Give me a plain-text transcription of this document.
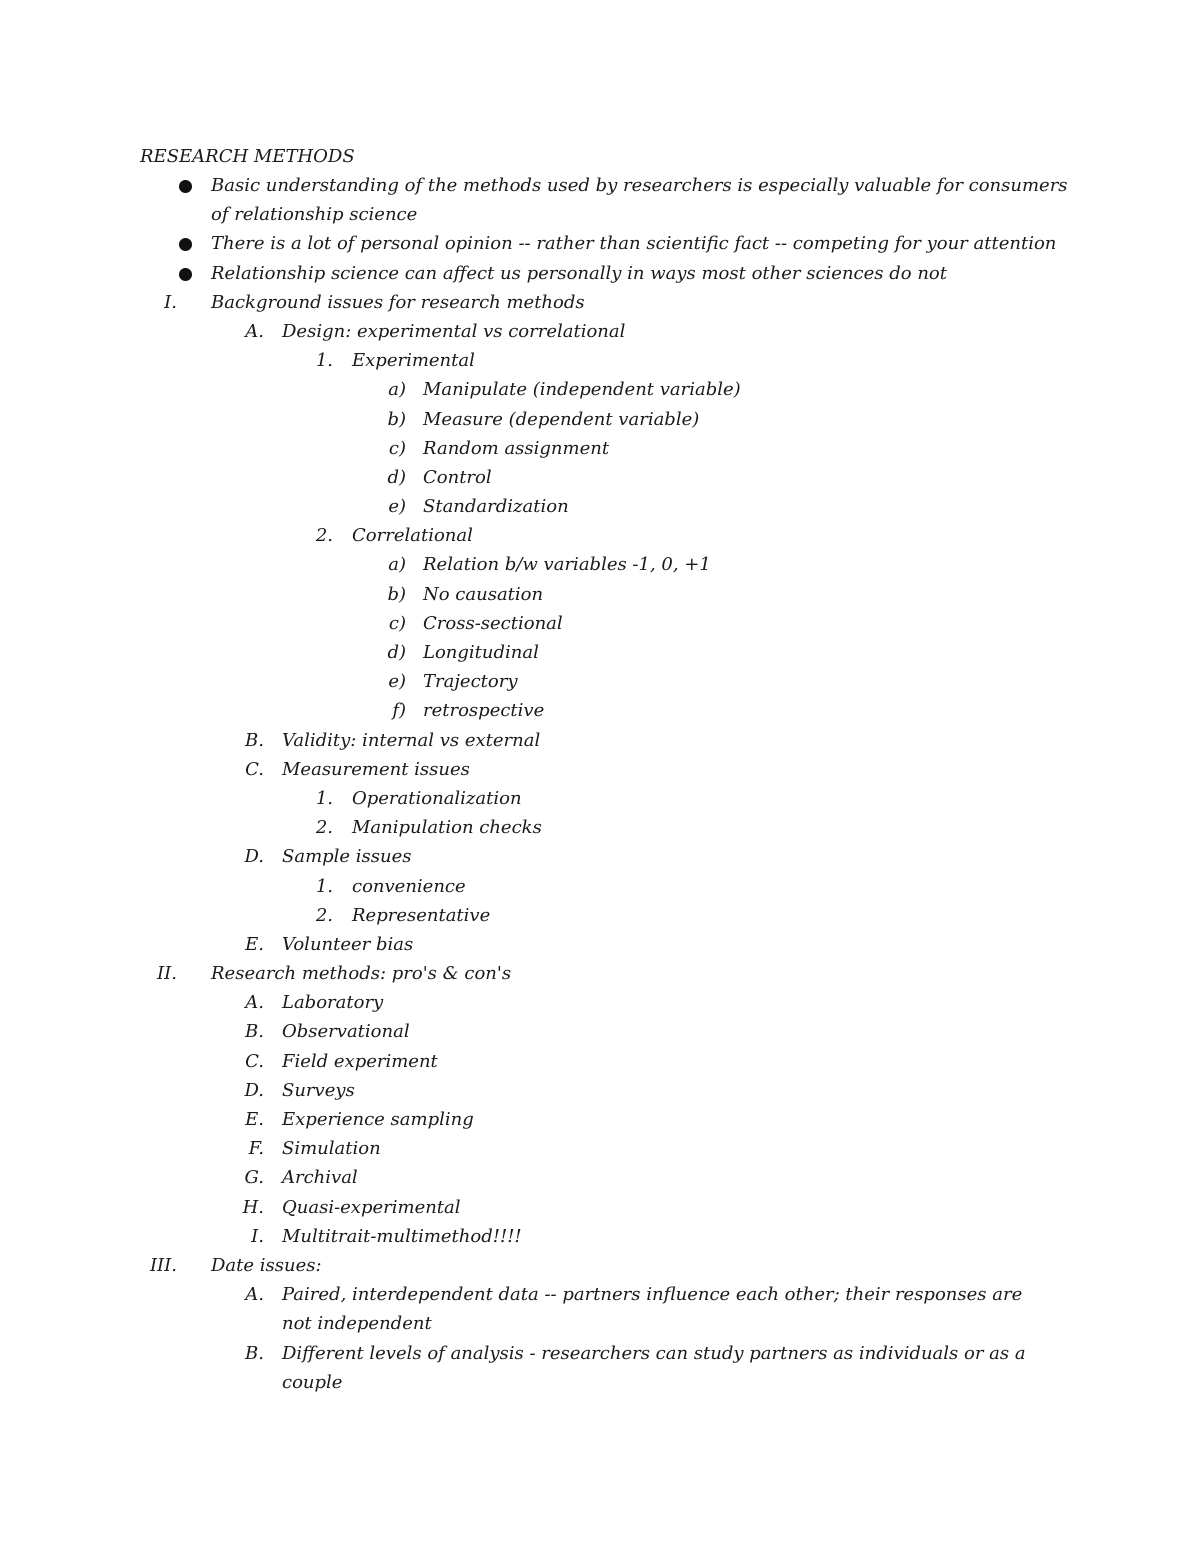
RESEARCH METHODS
Basic understanding of the methods used by researchers is especially valuable for consumers of relationship science
There is a lot of personal opinion -- rather than scientific fact -- competing for your attention
Relationship science can affect us personally in ways most other sciences do not
I. Background issues for research methods
A. Design: experimental vs correlational
1. Experimental
a) Manipulate (independent variable)
b) Measure (dependent variable)
c) Random assignment
d) Control
e) Standardization
2. Correlational
a) Relation b/w variables -1, 0, +1
b) No causation
c) Cross-sectional
d) Longitudinal
e) Trajectory
f) retrospective
B. Validity: internal vs external
C. Measurement issues
1. Operationalization
2. Manipulation checks
D. Sample issues
1. convenience
2. Representative
E. Volunteer bias
II. Research methods: pro's & con's
A. Laboratory
B. Observational
C. Field experiment
D. Surveys
E. Experience sampling
F. Simulation
G. Archival
H. Quasi-experimental
I. Multitrait-multimethod!!!!
III. Date issues:
A. Paired, interdependent data -- partners influence each other; their responses are not independent
B. Different levels of analysis - researchers can study partners as individuals or as a couple
